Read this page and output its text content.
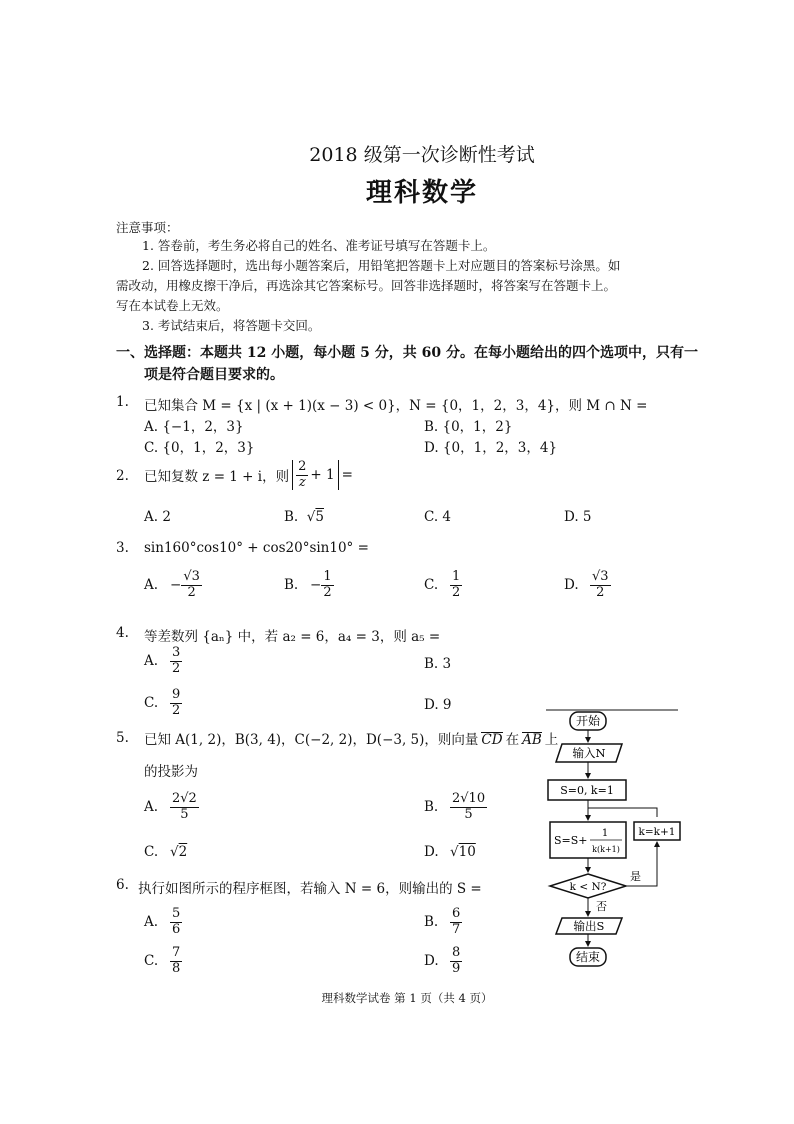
2018 级第一次诊断性考试
理科数学
注意事项：
1. 答卷前，考生务必将自己的姓名、准考证号填写在答题卡上。
2. 回答选择题时，选出每小题答案后，用铅笔把答题卡上对应题目的答案标号涂黑。如
需改动，用橡皮擦干净后，再选涂其它答案标号。回答非选择题时，将答案写在答题卡上。
写在本试卷上无效。
3. 考试结束后，将答题卡交回。
一、选择题：本题共 12 小题，每小题 5 分，共 60 分。在每小题给出的四个选项中，只有一
项是符合题目要求的。
1. 已知集合 M = {x | (x + 1)(x − 3) < 0}，N = {0，1，2，3，4}，则 M ∩ N =
A. {−1，2，3}	B. {0，1，2}
C. {0，1，2，3}	D. {0，1，2，3，4}
2. 已知复数 z = 1 + i，则 $\frac{2}{z} + 1$ =
A. 2	B.  √5	C. 4	D. 5
3. sin160°cos10° + cos20°sin10° =
A. − $\frac{√3}{2}$	B. − $\frac{1}{2}$	C. $\frac{1}{2}$	D. $\frac{√3}{2}$
4. 等差数列 {aₙ} 中，若 a₂ = 6，a₄ = 3，则 a₅ =
A. $\frac{3}{2}$	B. 3
C. $\frac{9}{2}$	D. 9
5. 已知 A(1, 2)，B(3, 4)，C(−2, 2)，D(−3, 5)，则向量 CD 在 AB 上
的投影为
A. $\frac{2√2}{5}$	B. $\frac{2√10}{5}$
C. √2	D. √10
6. 执行如图所示的程序框图，若输入 N = 6，则输出的 S =
A. $\frac{5}{6}$	B. $\frac{6}{7}$
C. $\frac{7}{8}$	D. $\frac{8}{9}$
开始
输入N
S=0, k=1
S=S+
1
k(k+1)
k=k+1
k < N?
是
否
输出S
结束
理科数学试卷 第 1 页（共 4 页）
